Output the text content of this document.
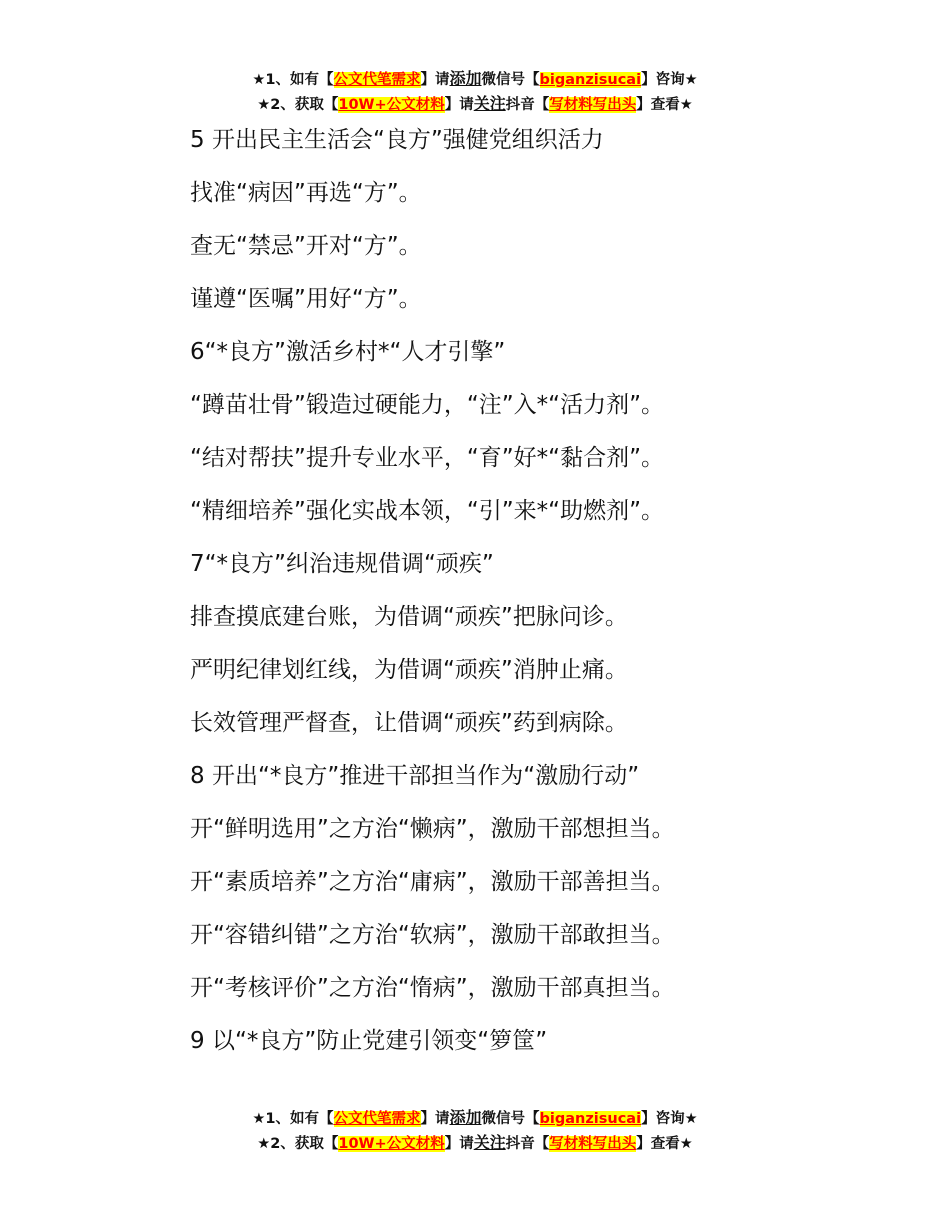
★1、如有【公文代笔需求】请添加微信号【biganzisucai】咨询★
★2、获取【10W+公文材料】请关注抖音【写材料写出头】查看★
5 开出民主生活会“良方”强健党组织活力
找准“病因”再选“方”。
查无“禁忌”开对“方”。
谨遵“医嘱”用好“方”。
6“*良方”激活乡村*“人才引擎”
“蹲苗壮骨”锻造过硬能力，“注”入*“活力剂”。
“结对帮扶”提升专业水平，“育”好*“黏合剂”。
“精细培养”强化实战本领，“引”来*“助燃剂”。
7“*良方”纠治违规借调“顽疾”
排查摸底建台账，为借调“顽疾”把脉问诊。
严明纪律划红线，为借调“顽疾”消肿止痛。
长效管理严督查，让借调“顽疾”药到病除。
8 开出“*良方”推进干部担当作为“激励行动”
开“鲜明选用”之方治“懒病”，激励干部想担当。
开“素质培养”之方治“庸病”，激励干部善担当。
开“容错纠错”之方治“软病”，激励干部敢担当。
开“考核评价”之方治“惰病”，激励干部真担当。
9 以“*良方”防止党建引领变“箩筐”
★1、如有【公文代笔需求】请添加微信号【biganzisucai】咨询★
★2、获取【10W+公文材料】请关注抖音【写材料写出头】查看★
